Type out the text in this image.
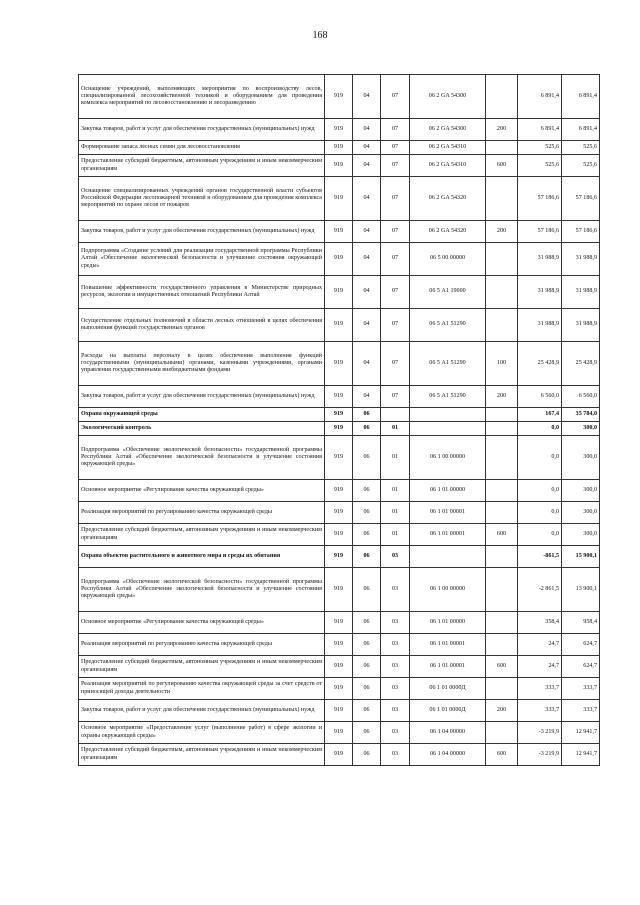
168
Оснащение учреждений, выполняющих мероприятия по воспроизводству лесов, специализированной лесохозяйственной техникой и оборудованием для проведения комплекса мероприятий по лесовосстановлению и лесоразведению	919	04	07	06 2 GA 54300		6 891,4	6 891,4
Закупка товаров, работ и услуг для обеспечения государственных (муниципальных) нужд	919	04	07	06 2 GA 54300	200	6 891,4	6 891,4
Формирование запаса лесных семян для лесовосстановления	919	04	07	06 2 GA 54310		525,6	525,6
Предоставление субсидий бюджетным, автономным учреждениям и иным некоммерческим организациям	919	04	07	06 2 GA 54310	600	525,6	525,6
Оснащение специализированных учреждений органов государственной власти субъектов Российской Федерации лесопожарной техникой и оборудованием для проведения комплекса мероприятий по охране лесов от пожаров	919	04	07	06 2 GA 54320		57 186,6	57 186,6
Закупка товаров, работ и услуг для обеспечения государственных (муниципальных) нужд	919	04	07	06 2 GA 54320	200	57 186,6	57 186,6
Подпрограмма «Создание условий для реализации государственной программы Республики Алтай «Обеспечение экологической безопасности и улучшение состояния окружающей среды»	919	04	07	06 5 00 00000		31 988,9	31 988,9
Повышение эффективности государственного управления в Министерстве природных ресурсов, экологии и имущественных отношений Республики Алтай	919	04	07	06 5 А1 19000		31 988,9	31 988,9
Осуществление отдельных полномочий в области лесных отношений в целях обеспечения выполнения функций государственных органов	919	04	07	06 5 А1 51290		31 988,9	31 988,9
Расходы на выплаты персоналу в целях обеспечения выполнения функций государственными (муниципальными) органами, казенными учреждениями, органами управления государственными внебюджетными фондами	919	04	07	06 5 А1 51290	100	25 428,9	25 428,9
Закупка товаров, работ и услуг для обеспечения государственных (муниципальных) нужд	919	04	07	06 5 А1 51290	200	6 560,0	6 560,0
Охрана окружающей среды	919	06				167,4	35 784,0
Экологический контроль	919	06	01			0,0	300,0
Подпрограмма «Обеспечение экологической безопасности» государственной программы Республики Алтай «Обеспечение экологической безопасности и улучшение состояния окружающей среды»	919	06	01	06 1 00 00000		0,0	300,0
Основное мероприятие «Регулирование качества окружающей среды»	919	06	01	06 1 01 00000		0,0	300,0
Реализация мероприятий по регулированию качества окружающей среды	919	06	01	06 1 01 00001		0,0	300,0
Предоставление субсидий бюджетным, автономным учреждениям и иным некоммерческим организациям	919	06	01	06 1 01 00001	600	0,0	300,0
Охрана объектов растительного и животного мира и среды их обитания	919	06	03			-861,5	15 900,1
Подпрограмма «Обеспечение экологической безопасности» государственной программы Республики Алтай «Обеспечение экологической безопасности и улучшение состояния окружающей среды»	919	06	03	06 1 00 00000		-2 861,5	13 900,1
Основное мероприятие «Регулирование качества окружающей среды»	919	06	03	06 1 01 00000		358,4	958,4
Реализация мероприятий по регулированию качества окружающей среды	919	06	03	06 1 01 00001		24,7	624,7
Предоставление субсидий бюджетным, автономным учреждениям и иным некоммерческим организациям	919	06	03	06 1 01 00001	600	24,7	624,7
Реализация мероприятий по регулированию качества окружающей среды за счет средств от приносящей доходы деятельности	919	06	03	06 1 01 0000Д		333,7	333,7
Закупка товаров, работ и услуг для обеспечения государственных (муниципальных) нужд	919	06	03	06 1 01 0000Д	200	333,7	333,7
Основное мероприятие «Предоставление услуг (выполнение работ) в сфере экологии и охраны окружающей среды»	919	06	03	06 1 04 00000		-3 219,9	12 941,7
Предоставление субсидий бюджетным, автономным учреждениям и иным некоммерческим организациям	919	06	03	06 1 04 00000	600	-3 219,9	12 941,7
